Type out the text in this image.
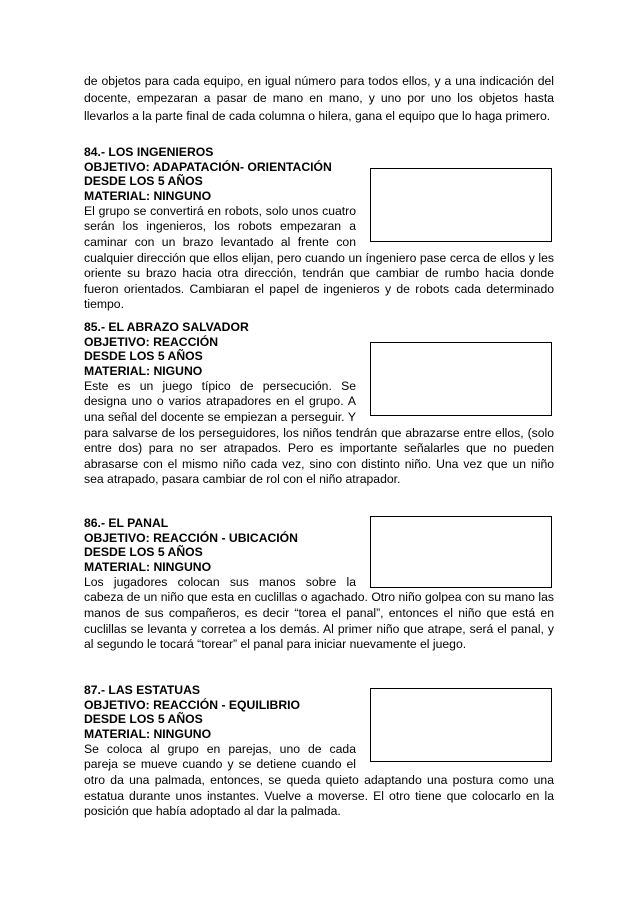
de objetos para cada equipo, en igual número para todos ellos, y a una indicación del docente, empezaran a pasar de mano en mano, y uno por uno los objetos hasta llevarlos a la parte final de cada columna o hilera, gana el equipo que lo haga primero.

84.- LOS INGENIEROS

OBJETIVO: ADAPATACIÓN- ORIENTACIÓN

DESDE LOS 5 AÑOS

MATERIAL: NINGUNO

El grupo se convertirá en robots, solo unos cuatro serán los ingenieros, los robots empezaran a caminar con un brazo levantado al frente con cualquier dirección que ellos elijan, pero cuando un íngeniero pase cerca de ellos y les oriente su brazo hacia otra dirección, tendrán que cambiar de rumbo hacia donde fueron orientados. Cambiaran el papel de ingenieros y de robots cada determinado tiempo.

85.- EL ABRAZO SALVADOR

OBJETIVO: REACCIÓN

DESDE LOS 5 AÑOS

MATERIAL: NIGUNO

Este es un juego típico de persecución. Se designa uno o varios atrapadores en el grupo. A una señal del docente se empiezan a perseguir. Y para salvarse de los perseguidores, los niños tendrán que abrazarse entre ellos, (solo entre dos) para no ser atrapados. Pero es importante señalarles que no pueden abrasarse con el mismo niño cada vez, sino con distinto niño. Una vez que un niño sea atrapado, pasara cambiar de rol con el niño atrapador.

86.- EL PANAL

OBJETIVO: REACCIÓN - UBICACIÓN

DESDE LOS 5 AÑOS

MATERIAL: NINGUNO

Los jugadores colocan sus manos sobre la cabeza de un niño que esta en cuclillas o agachado. Otro niño golpea con su mano las manos de sus compañeros, es decir “torea el panal”, entonces el niño que está en cuclillas se levanta y corretea a los demás. Al primer niño que atrape, será el panal, y al segundo le tocará “torear” el panal para iniciar nuevamente el juego.

87.- LAS ESTATUAS

OBJETIVO: REACCIÓN - EQUILIBRIO

DESDE LOS 5 AÑOS

MATERIAL: NINGUNO

Se coloca al grupo en parejas, uno de cada pareja se mueve cuando y se detiene cuando el otro da una palmada, entonces, se queda quieto adaptando una postura como una estatua durante unos instantes. Vuelve a moverse. El otro tiene que colocarlo en la posición que había adoptado al dar la palmada.
